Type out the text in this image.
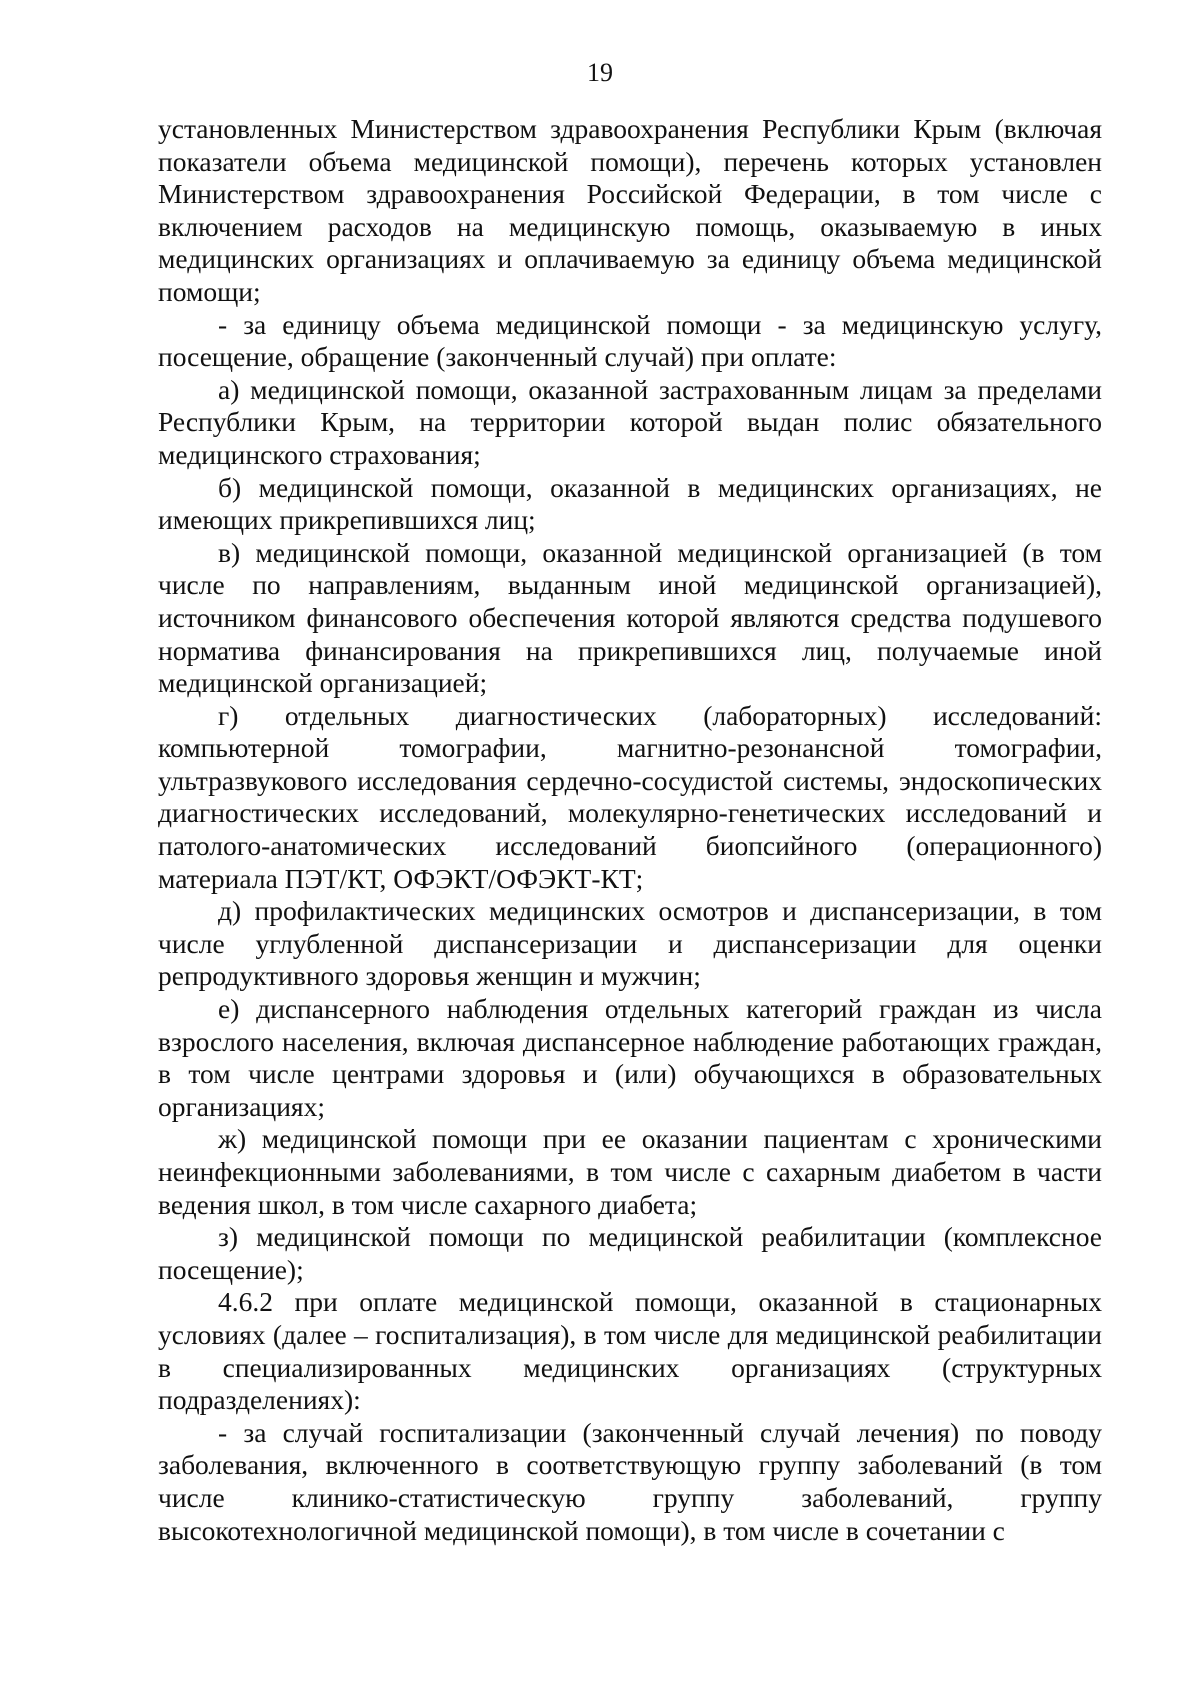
19

установленных Министерством здравоохранения Республики Крым (включая показатели объема медицинской помощи), перечень которых установлен Министерством здравоохранения Российской Федерации, в том числе с включением расходов на медицинскую помощь, оказываемую в иных медицинских организациях и оплачиваемую за единицу объема медицинской помощи;

- за единицу объема медицинской помощи - за медицинскую услугу, посещение, обращение (законченный случай) при оплате:

а) медицинской помощи, оказанной застрахованным лицам за пределами Республики Крым, на территории которой выдан полис обязательного медицинского страхования;

б) медицинской помощи, оказанной в медицинских организациях, не имеющих прикрепившихся лиц;

в) медицинской помощи, оказанной медицинской организацией (в том числе по направлениям, выданным иной медицинской организацией), источником финансового обеспечения которой являются средства подушевого норматива финансирования на прикрепившихся лиц, получаемые иной медицинской организацией;

г) отдельных диагностических (лабораторных) исследований: компьютерной томографии, магнитно-резонансной томографии, ультразвукового исследования сердечно-сосудистой системы, эндоскопических диагностических исследований, молекулярно-генетических исследований и патолого-анатомических исследований биопсийного (операционного) материала ПЭТ/КТ, ОФЭКТ/ОФЭКТ-КТ;

д) профилактических медицинских осмотров и диспансеризации, в том числе углубленной диспансеризации и диспансеризации для оценки репродуктивного здоровья женщин и мужчин;

е) диспансерного наблюдения отдельных категорий граждан из числа взрослого населения, включая диспансерное наблюдение работающих граждан, в том числе центрами здоровья и (или) обучающихся в образовательных организациях;

ж) медицинской помощи при ее оказании пациентам с хроническими неинфекционными заболеваниями, в том числе с сахарным диабетом в части ведения школ, в том числе сахарного диабета;

з) медицинской помощи по медицинской реабилитации (комплексное посещение);

4.6.2 при оплате медицинской помощи, оказанной в стационарных условиях (далее – госпитализация), в том числе для медицинской реабилитации в специализированных медицинских организациях (структурных подразделениях):

- за случай госпитализации (законченный случай лечения) по поводу заболевания, включенного в соответствующую группу заболеваний (в том числе клинико-статистическую группу заболеваний, группу высокотехнологичной медицинской помощи), в том числе в сочетании с
